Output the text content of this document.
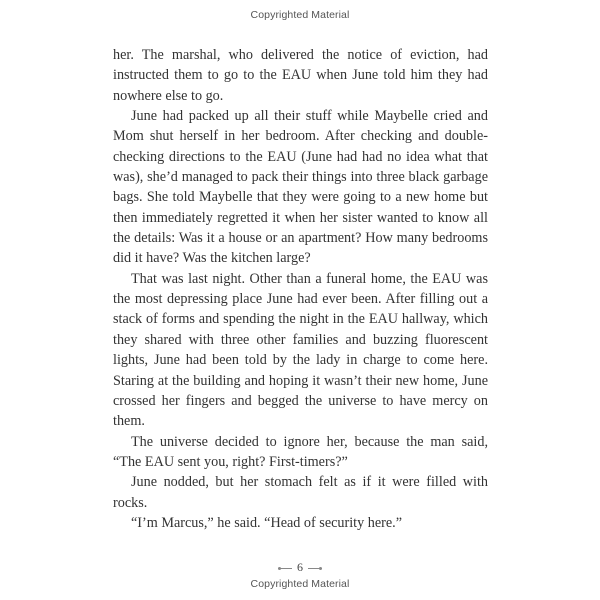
Copyrighted Material

her. The marshal, who delivered the notice of eviction, had instructed them to go to the EAU when June told him they had nowhere else to go.

June had packed up all their stuff while Maybelle cried and Mom shut herself in her bedroom. After checking and double-checking directions to the EAU (June had had no idea what that was), she’d managed to pack their things into three black garbage bags. She told Maybelle that they were going to a new home but then immediately regretted it when her sister wanted to know all the details: Was it a house or an apartment? How many bedrooms did it have? Was the kitchen large?

That was last night. Other than a funeral home, the EAU was the most depressing place June had ever been. After filling out a stack of forms and spending the night in the EAU hallway, which they shared with three other families and buzzing fluorescent lights, June had been told by the lady in charge to come here. Staring at the building and hoping it wasn’t their new home, June crossed her fingers and begged the universe to have mercy on them.

The universe decided to ignore her, because the man said, “The EAU sent you, right? First-timers?”

June nodded, but her stomach felt as if it were filled with rocks.

“I’m Marcus,” he said. “Head of security here.”

6
Copyrighted Material
